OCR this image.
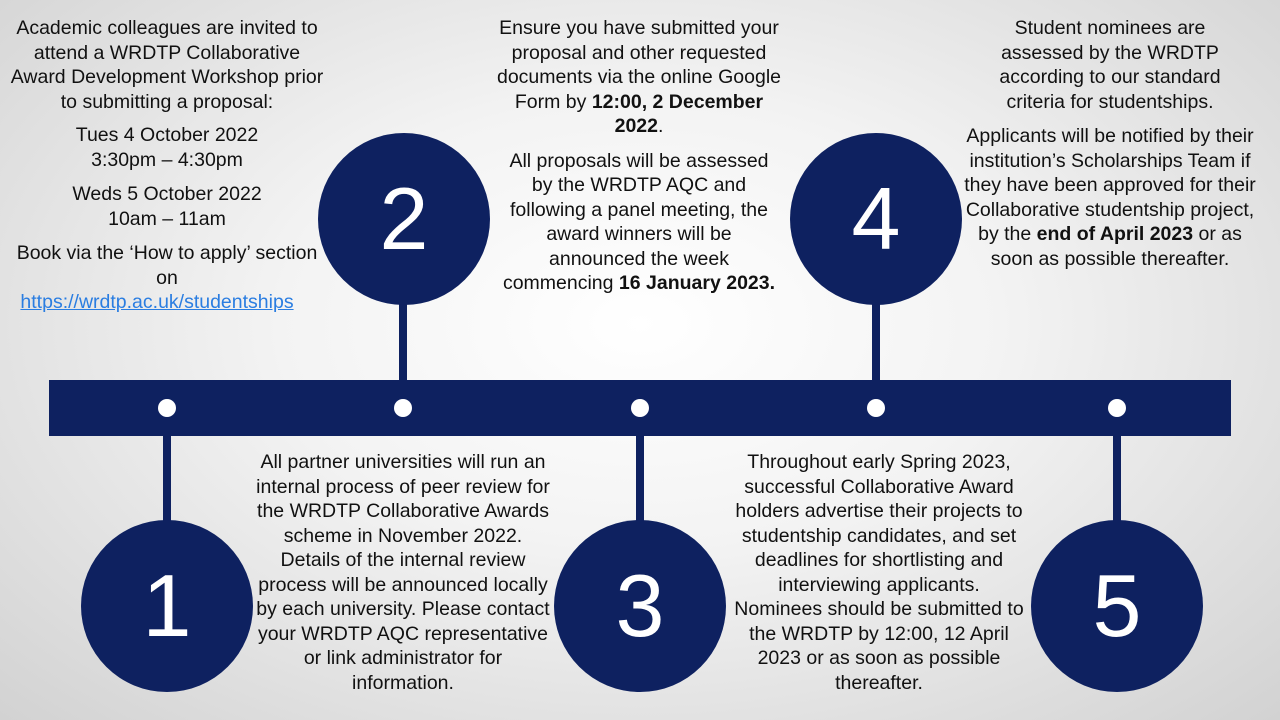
Academic colleagues are invited to attend a WRDTP Collaborative Award Development Workshop prior to submitting a proposal:

Tues 4 October 2022
3:30pm – 4:30pm

Weds 5 October 2022
10am – 11am

Book via the ‘How to apply’ section on
https://wrdtp.ac.uk/studentships

Ensure you have submitted your proposal and other requested documents via the online Google Form by 12:00, 2 December 2022.

All proposals will be assessed by the WRDTP AQC and following a panel meeting, the award winners will be announced the week commencing 16 January 2023.

Student nominees are assessed by the WRDTP according to our standard criteria for studentships.

Applicants will be notified by their institution’s Scholarships Team if they have been approved for their Collaborative studentship project, by the end of April 2023 or as soon as possible thereafter.

All partner universities will run an internal process of peer review for the WRDTP Collaborative Awards scheme in November 2022. Details of the internal review process will be announced locally by each university. Please contact your WRDTP AQC representative or link administrator for information.

Throughout early Spring 2023, successful Collaborative Award holders advertise their projects to studentship candidates, and set deadlines for shortlisting and interviewing applicants. Nominees should be submitted to the WRDTP by 12:00, 12 April 2023 or as soon as possible thereafter.

2	4
1	3	5
